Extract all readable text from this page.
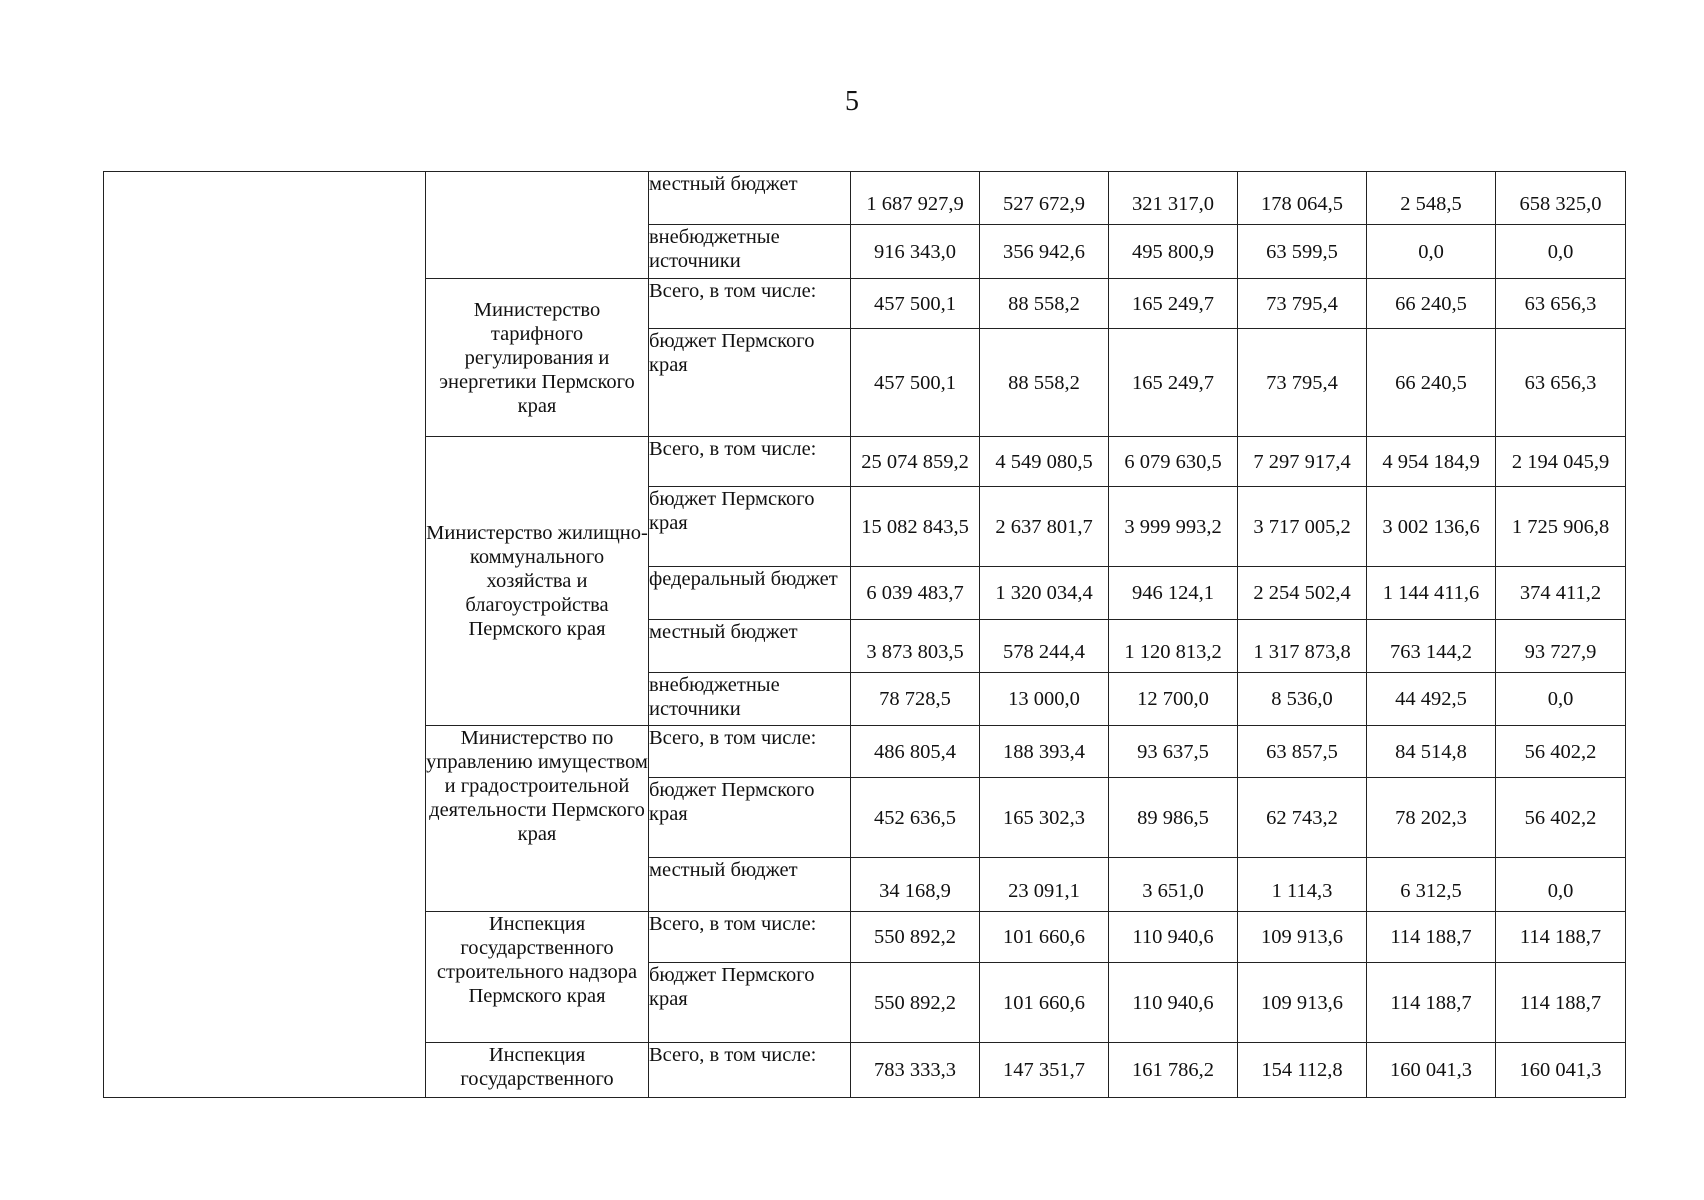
5
		местный бюджет	1 687 927,9	527 672,9	321 317,0	178 064,5	2 548,5	658 325,0
		внебюджетные источники	916 343,0	356 942,6	495 800,9	63 599,5	0,0	0,0
	Министерство тарифного регулирования и энергетики Пермского края	Всего, в том числе:	457 500,1	88 558,2	165 249,7	73 795,4	66 240,5	63 656,3
		бюджет Пермского края	457 500,1	88 558,2	165 249,7	73 795,4	66 240,5	63 656,3
	Министерство жилищно-коммунального хозяйства и благоустройства Пермского края	Всего, в том числе:	25 074 859,2	4 549 080,5	6 079 630,5	7 297 917,4	4 954 184,9	2 194 045,9
		бюджет Пермского края	15 082 843,5	2 637 801,7	3 999 993,2	3 717 005,2	3 002 136,6	1 725 906,8
		федеральный бюджет	6 039 483,7	1 320 034,4	946 124,1	2 254 502,4	1 144 411,6	374 411,2
		местный бюджет	3 873 803,5	578 244,4	1 120 813,2	1 317 873,8	763 144,2	93 727,9
		внебюджетные источники	78 728,5	13 000,0	12 700,0	8 536,0	44 492,5	0,0
	Министерство по управлению имуществом и градостроительной деятельности Пермского края	Всего, в том числе:	486 805,4	188 393,4	93 637,5	63 857,5	84 514,8	56 402,2
		бюджет Пермского края	452 636,5	165 302,3	89 986,5	62 743,2	78 202,3	56 402,2
		местный бюджет	34 168,9	23 091,1	3 651,0	1 114,3	6 312,5	0,0
	Инспекция государственного строительного надзора Пермского края	Всего, в том числе:	550 892,2	101 660,6	110 940,6	109 913,6	114 188,7	114 188,7
		бюджет Пермского края	550 892,2	101 660,6	110 940,6	109 913,6	114 188,7	114 188,7
	Инспекция государственного	Всего, в том числе:	783 333,3	147 351,7	161 786,2	154 112,8	160 041,3	160 041,3
